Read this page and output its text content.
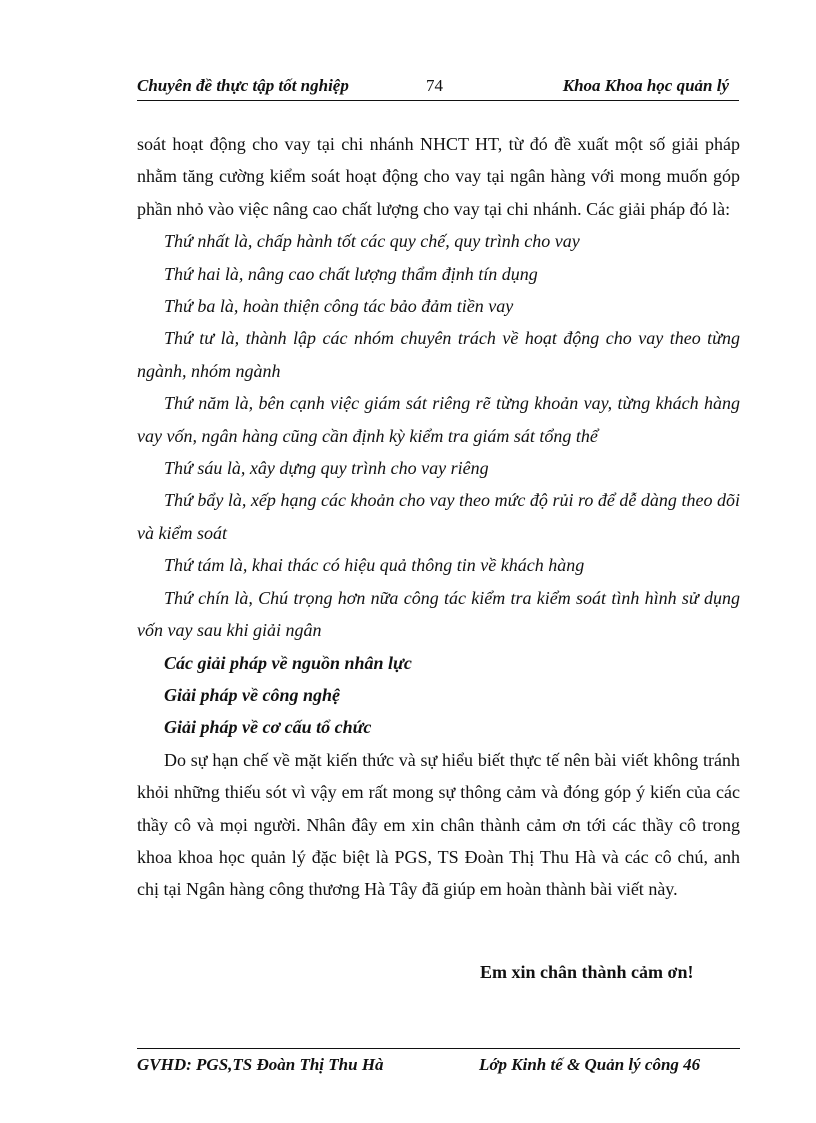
Chuyên đề thực tập tốt nghiệp	74	Khoa Khoa học quản lý

soát hoạt động cho vay tại chi nhánh NHCT HT, từ đó đề xuất một số giải pháp nhằm tăng cường kiểm soát hoạt động cho vay tại ngân hàng với mong muốn góp phần nhỏ vào việc nâng cao chất lượng cho vay tại chi nhánh. Các giải pháp đó là:

Thứ nhất là, chấp hành tốt các quy chế, quy trình cho vay

Thứ hai là, nâng cao chất lượng thẩm định tín dụng

Thứ ba là, hoàn thiện công tác bảo đảm tiền vay

Thứ tư là, thành lập các nhóm chuyên trách về hoạt động cho vay theo từng ngành, nhóm ngành

Thứ năm là, bên cạnh việc giám sát riêng rẽ từng khoản vay, từng khách hàng vay vốn, ngân hàng cũng cần định kỳ kiểm tra giám sát tổng thể

Thứ sáu là, xây dựng quy trình cho vay riêng

Thứ bẩy là, xếp hạng các khoản cho vay theo mức độ rủi ro để dễ dàng theo dõi và kiểm soát

Thứ tám là, khai thác có hiệu quả thông tin về khách hàng

Thứ chín là, Chú trọng hơn nữa công tác kiểm tra kiểm soát tình hình sử dụng vốn vay sau khi giải ngân

Các giải pháp về nguồn nhân lực

Giải pháp về công nghệ

Giải pháp về cơ cấu tổ chức

Do sự hạn chế về mặt kiến thức và sự hiểu biết thực tế nên bài viết không tránh khỏi những thiếu sót vì vậy em rất mong sự thông cảm và đóng góp ý kiến của các thầy cô và mọi người. Nhân đây em xin chân thành cảm ơn tới các thầy cô trong khoa khoa học quản lý đặc biệt là PGS, TS Đoàn Thị Thu Hà và các cô chú, anh chị tại Ngân hàng công thương Hà Tây đã giúp em hoàn thành bài viết này.

Em xin chân thành cảm ơn!
GVHD: PGS,TS Đoàn Thị Thu Hà	Lớp Kinh tế & Quản lý công 46
